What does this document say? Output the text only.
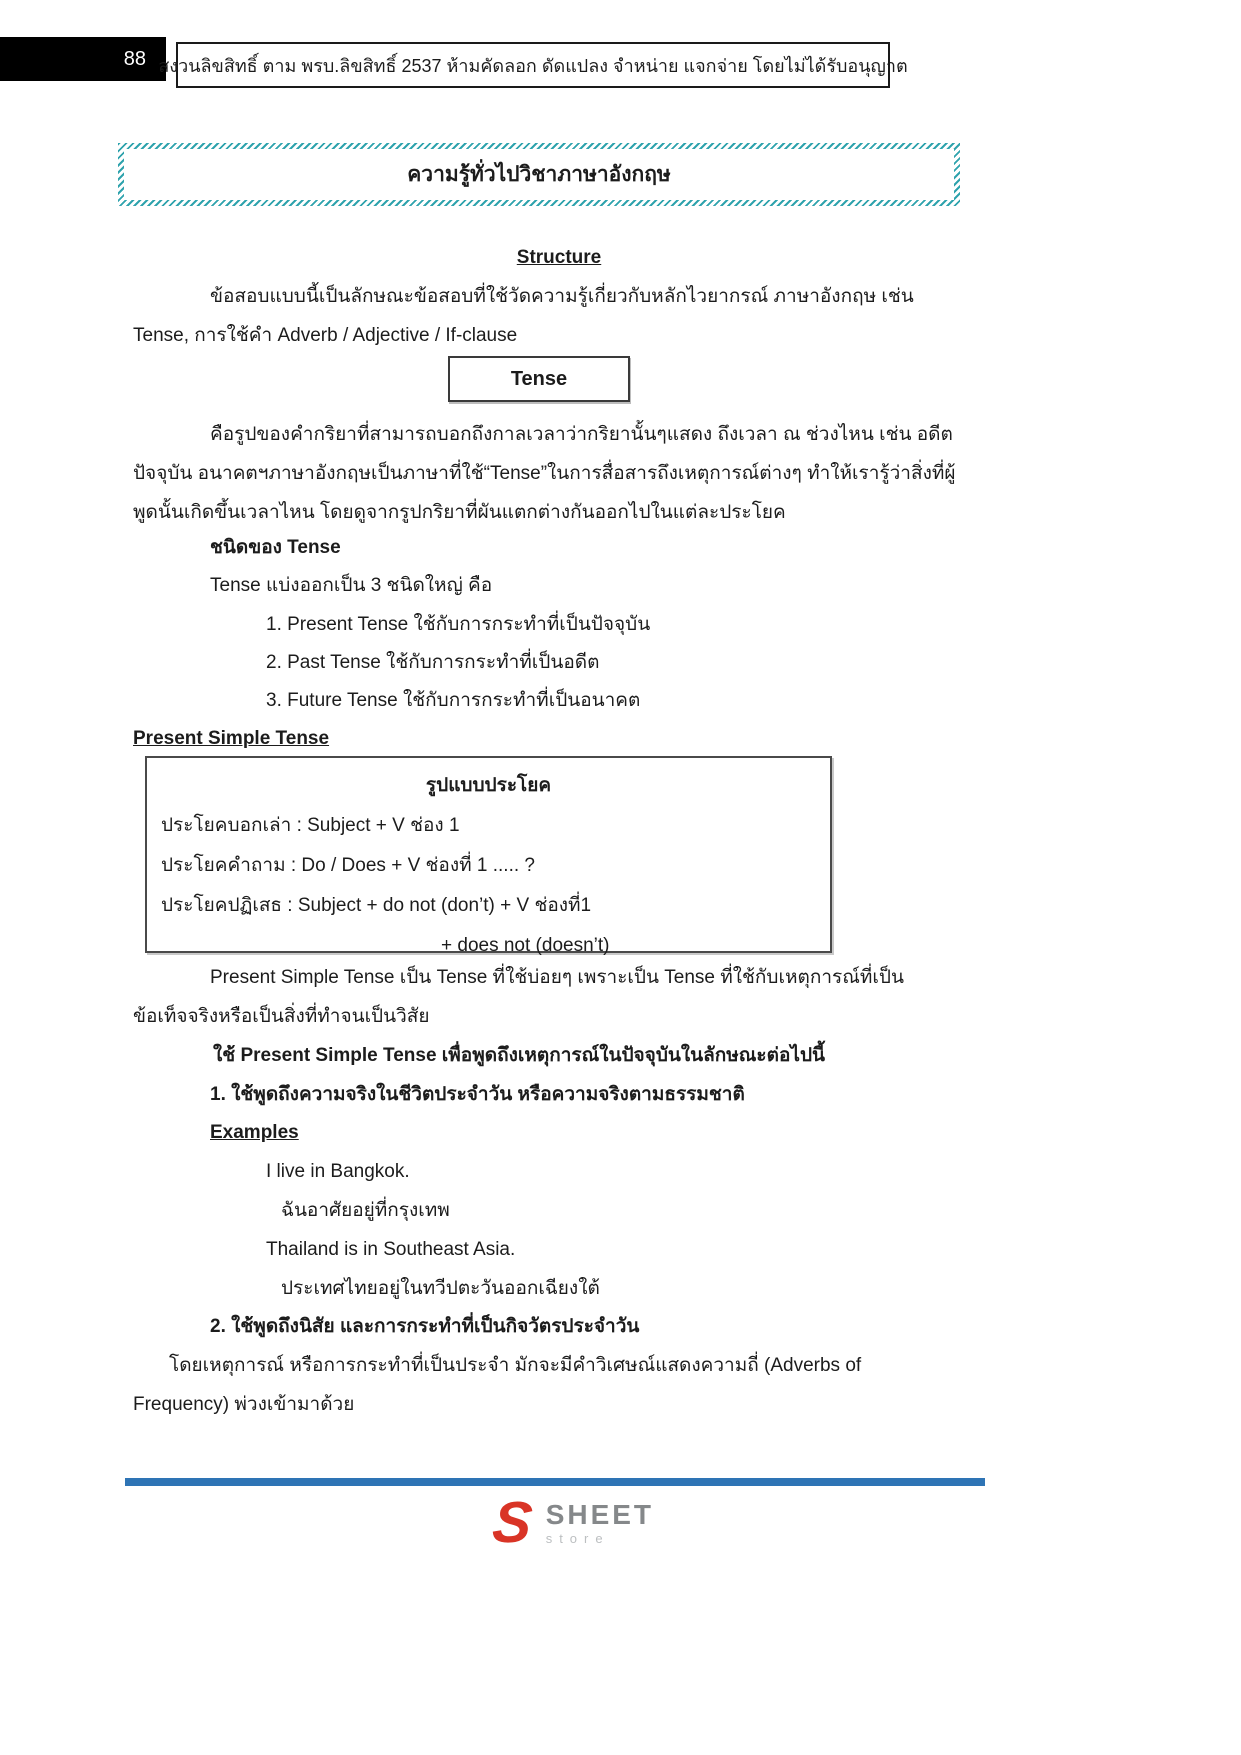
88 สงวนลิขสิทธิ์ ตาม พรบ.ลิขสิทธิ์ 2537 ห้ามคัดลอก ดัดแปลง จำหน่าย แจกจ่าย โดยไม่ได้รับอนุญาต
ความรู้ทั่วไปวิชาภาษาอังกฤษ
Structure
ข้อสอบแบบนี้เป็นลักษณะข้อสอบที่ใช้วัดความรู้เกี่ยวกับหลักไวยากรณ์ ภาษาอังกฤษ เช่น
Tense, การใช้คำ Adverb / Adjective / If-clause
Tense
คือรูปของคำกริยาที่สามารถบอกถึงกาลเวลาว่ากริยานั้นๆแสดง ถึงเวลา ณ ช่วงไหน เช่น อดีต
ปัจจุบัน อนาคตฯภาษาอังกฤษเป็นภาษาที่ใช้“Tense”ในการสื่อสารถึงเหตุการณ์ต่างๆ ทำให้เรารู้ว่าสิ่งที่ผู้
พูดนั้นเกิดขึ้นเวลาไหน โดยดูจากรูปกริยาที่ผันแตกต่างกันออกไปในแต่ละประโยค
ชนิดของ Tense
Tense แบ่งออกเป็น 3 ชนิดใหญ่ คือ
1. Present Tense ใช้กับการกระทำที่เป็นปัจจุบัน
2. Past Tense ใช้กับการกระทำที่เป็นอดีต
3. Future Tense ใช้กับการกระทำที่เป็นอนาคต
Present Simple Tense
รูปแบบประโยค
ประโยคบอกเล่า : Subject + V ช่อง 1
ประโยคคำถาม : Do / Does + V ช่องที่ 1 ..... ?
ประโยคปฏิเสธ : Subject + do not (don’t) + V ช่องที่1
+ does not (doesn’t)
Present Simple Tense เป็น Tense ที่ใช้บ่อยๆ เพราะเป็น Tense ที่ใช้กับเหตุการณ์ที่เป็น
ข้อเท็จจริงหรือเป็นสิ่งที่ทำจนเป็นวิสัย
ใช้ Present Simple Tense เพื่อพูดถึงเหตุการณ์ในปัจจุบันในลักษณะต่อไปนี้
1. ใช้พูดถึงความจริงในชีวิตประจำวัน หรือความจริงตามธรรมชาติ
Examples
I live in Bangkok.
ฉันอาศัยอยู่ที่กรุงเทพ
Thailand is in Southeast Asia.
ประเทศไทยอยู่ในทวีปตะวันออกเฉียงใต้
2. ใช้พูดถึงนิสัย และการกระทำที่เป็นกิจวัตรประจำวัน
โดยเหตุการณ์ หรือการกระทำที่เป็นประจำ มักจะมีคำวิเศษณ์แสดงความถี่ (Adverbs of
Frequency) พ่วงเข้ามาด้วย
S SHEET
store
